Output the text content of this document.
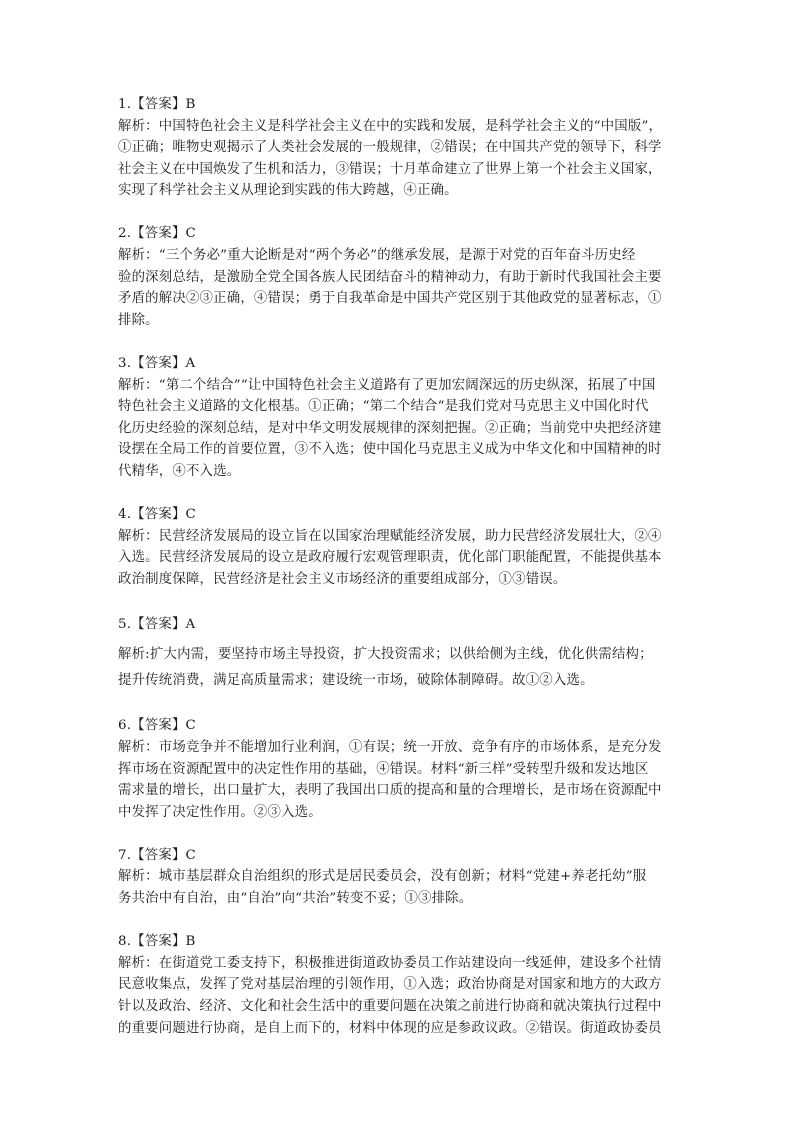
1.【答案】B
解析：中国特色社会主义是科学社会主义在中的实践和发展，是科学社会主义的“中国版”，
①正确；唯物史观揭示了人类社会发展的一般规律，②错误；在中国共产党的领导下，科学
社会主义在中国焕发了生机和活力，③错误；十月革命建立了世界上第一个社会主义国家，
实现了科学社会主义从理论到实践的伟大跨越，④正确。
2.【答案】C
解析：“三个务必”重大论断是对“两个务必”的继承发展，是源于对党的百年奋斗历史经
验的深刻总结，是激励全党全国各族人民团结奋斗的精神动力，有助于新时代我国社会主要
矛盾的解决②③正确，④错误；勇于自我革命是中国共产党区别于其他政党的显著标志，①
排除。
3.【答案】A
解析：“第二个结合”“让中国特色社会主义道路有了更加宏阔深远的历史纵深，拓展了中国
特色社会主义道路的文化根基。①正确；“第二个结合“是我们党对马克思主义中国化时代
化历史经验的深刻总结，是对中华文明发展规律的深刻把握。②正确；当前党中央把经济建
设摆在全局工作的首要位置，③不入选；使中国化马克思主义成为中华文化和中国精神的时
代精华，④不入选。
4.【答案】C
解析：民营经济发展局的设立旨在以国家治理赋能经济发展，助力民营经济发展壮大，②④
入选。民营经济发展局的设立是政府履行宏观管理职责，优化部门职能配置，不能提供基本
政治制度保障，民营经济是社会主义市场经济的重要组成部分，①③错误。
5.【答案】A
解析:扩大内需，要坚持市场主导投资，扩大投资需求；以供给侧为主线，优化供需结构；
提升传统消费，满足高质量需求；建设统一市场，破除体制障碍。故①②入选。
6.【答案】C
解析：市场竞争并不能增加行业利润，①有误；统一开放、竞争有序的市场体系，是充分发
挥市场在资源配置中的决定性作用的基础，④错误。材料“新三样”受转型升级和发达地区
需求量的增长，出口量扩大，表明了我国出口质的提高和量的合理增长，是市场在资源配中
中发挥了决定性作用。②③入选。
7.【答案】C
解析：城市基层群众自治组织的形式是居民委员会，没有创新；材料“党建+养老托幼”服
务共治中有自治，由“自治”向“共治”转变不妥；①③排除。
8.【答案】B
解析：在街道党工委支持下，积极推进街道政协委员工作站建设向一线延伸，建设多个社情
民意收集点，发挥了党对基层治理的引领作用，①入选；政治协商是对国家和地方的大政方
针以及政治、经济、文化和社会生活中的重要问题在决策之前进行协商和就决策执行过程中
的重要问题进行协商，是自上而下的，材料中体现的应是参政议政。②错误。街道政协委员
